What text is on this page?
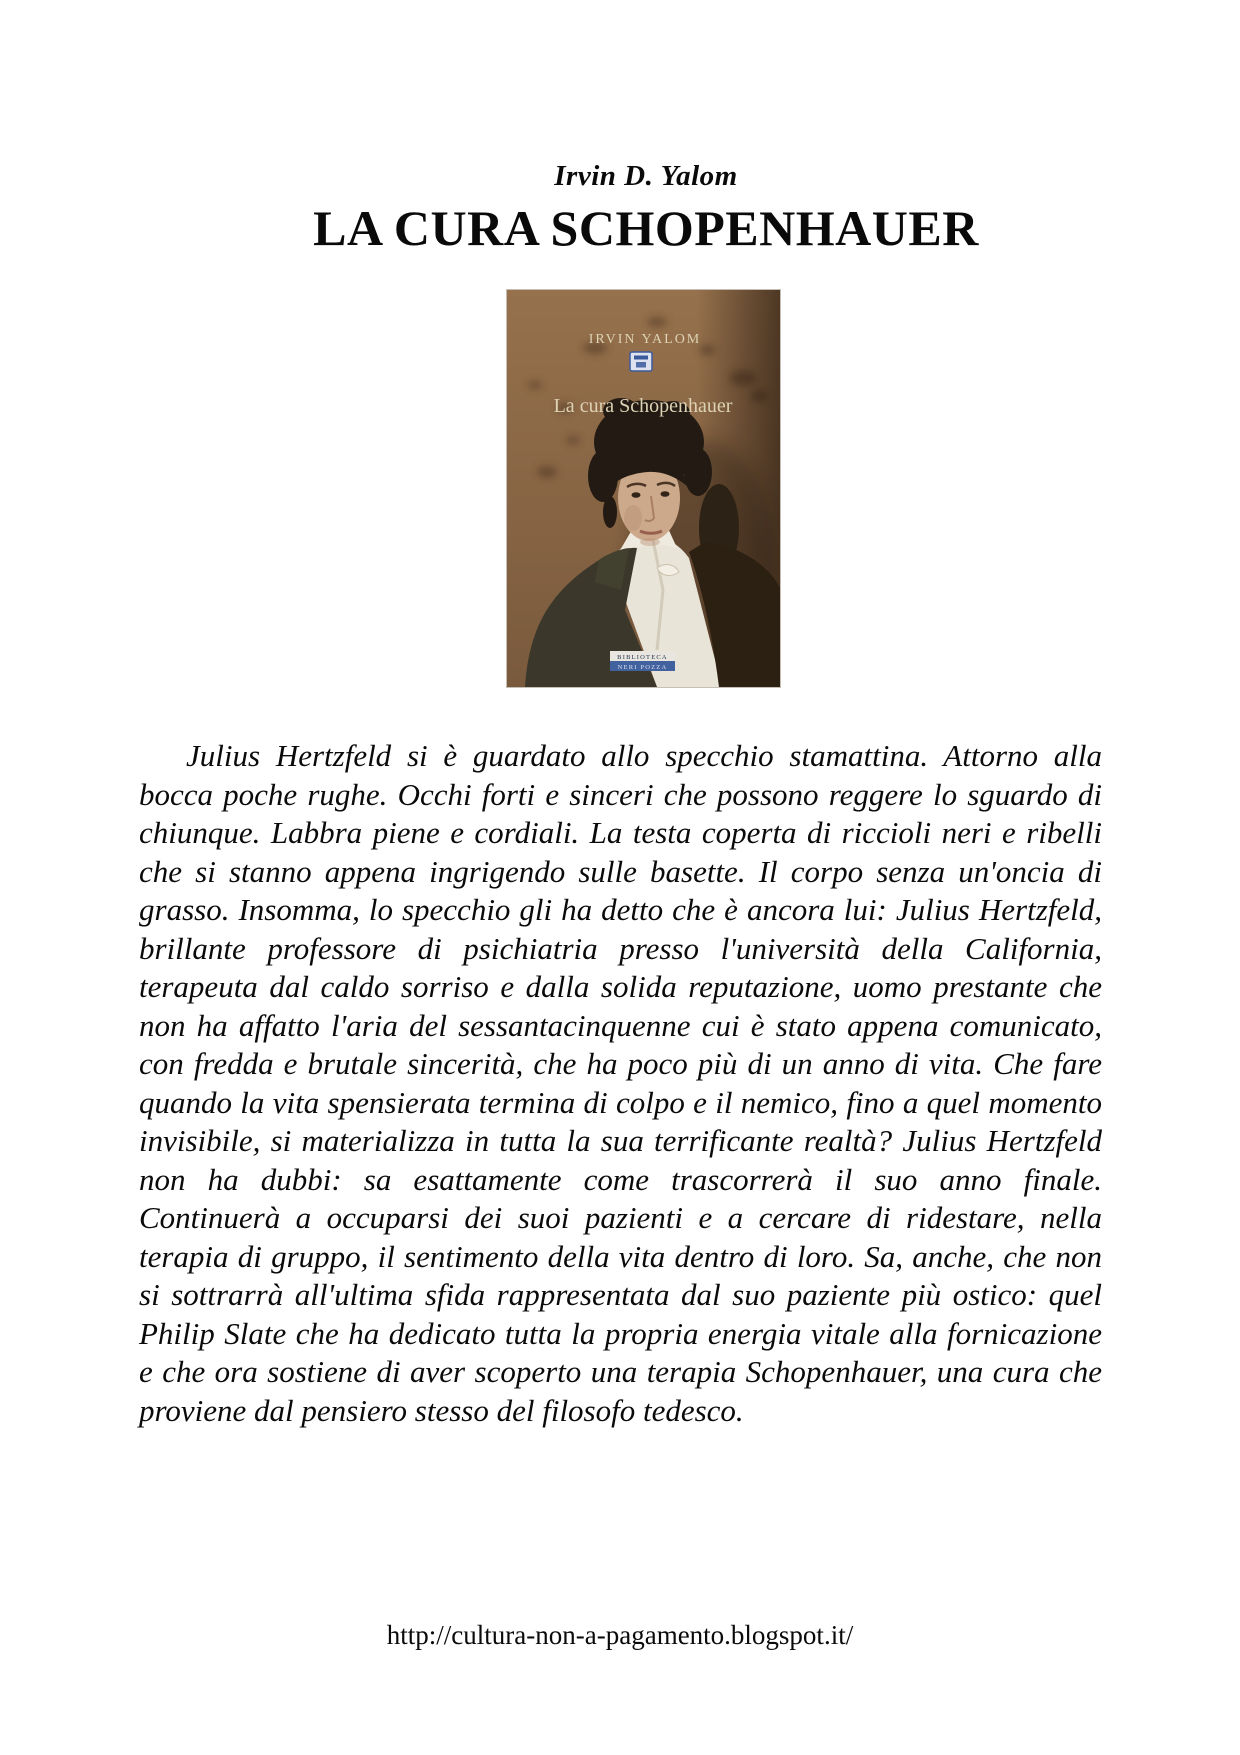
Irvin D. Yalom
LA CURA SCHOPENHAUER
IRVIN YALOM
La cura Schopenhauer
BIBLIOTECA
NERI POZZA

Julius Hertzfeld si è guardato allo specchio stamattina. Attorno alla bocca poche rughe. Occhi forti e sinceri che possono reggere lo sguardo di chiunque. Labbra piene e cordiali. La testa coperta di riccioli neri e ribelli che si stanno appena ingrigendo sulle basette. Il corpo senza un'oncia di grasso. Insomma, lo specchio gli ha detto che è ancora lui: Julius Hertzfeld, brillante professore di psichiatria presso l'università della California, terapeuta dal caldo sorriso e dalla solida reputazione, uomo prestante che non ha affatto l'aria del sessantacinquenne cui è stato appena comunicato, con fredda e brutale sincerità, che ha poco più di un anno di vita. Che fare quando la vita spensierata termina di colpo e il nemico, fino a quel momento invisibile, si materializza in tutta la sua terrificante realtà? Julius Hertzfeld non ha dubbi: sa esattamente come trascorrerà il suo anno finale. Continuerà a occuparsi dei suoi pazienti e a cercare di ridestare, nella terapia di gruppo, il sentimento della vita dentro di loro. Sa, anche, che non si sottrarrà all'ultima sfida rappresentata dal suo paziente più ostico: quel Philip Slate che ha dedicato tutta la propria energia vitale alla fornicazione e che ora sostiene di aver scoperto una terapia Schopenhauer, una cura che proviene dal pensiero stesso del filosofo tedesco.

http://cultura-non-a-pagamento.blogspot.it/
